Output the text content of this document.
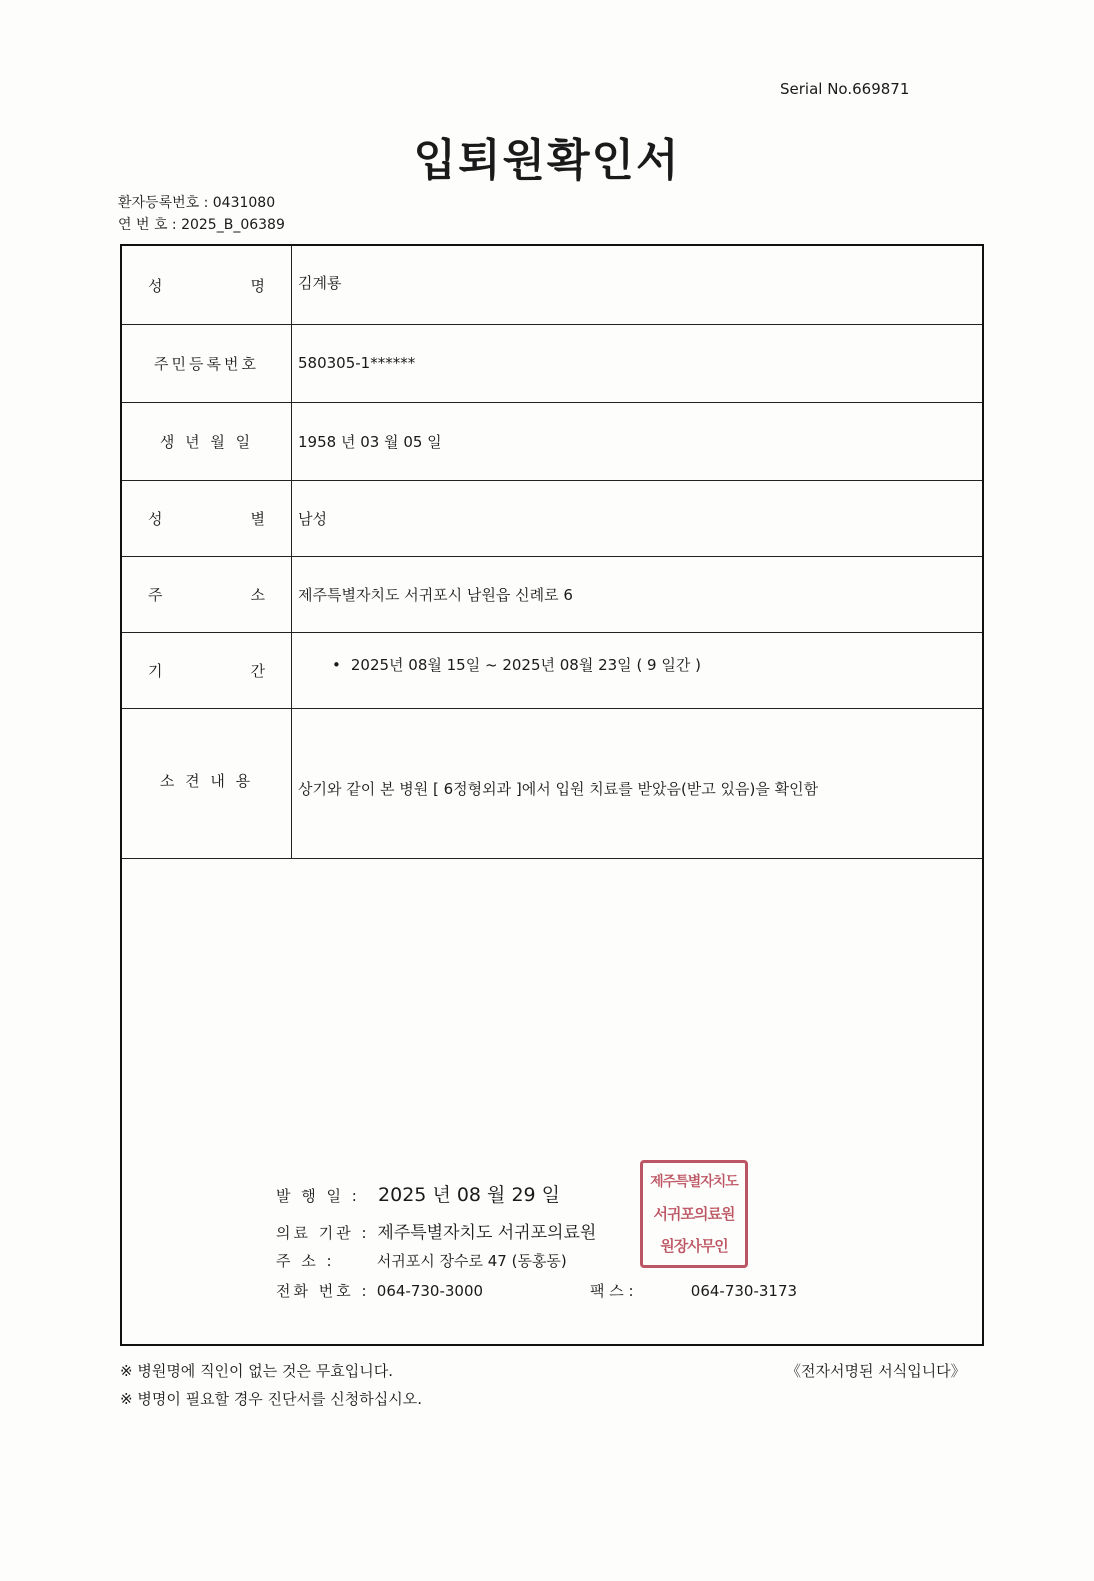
Serial No.669871
입퇴원확인서
환자등록번호 : 0431080
연 번 호 : 2025_B_06389
성	명 김계룡
주민등록번호	580305-1******
생 년 월 일	1958 년 03 월 05 일
성	별 남성
주	소 제주특별자치도 서귀포시 남원읍 신례로 6
기	간
•	2025년 08월 15일 ~ 2025년 08월 23일 ( 9 일간 )
소 견 내 용	상기와 같이 본 병원 [ 6정형외과 ]에서 입원 치료를 받았음(받고 있음)을 확인함
발 행 일 : 2025 년 08 월 29 일
의료 기관 : 제주특별자치도 서귀포의료원
주 소 :	서귀포시 장수로 47 (동홍동)
전화 번호 : 064-730-3000	팩 스 :	064-730-3173
제주특별자치도
서귀포의료원
원장사무인
※ 병원명에 직인이 없는 것은 무효입니다.
※ 병명이 필요할 경우 진단서를 신청하십시오.
《전자서명된 서식입니다》
